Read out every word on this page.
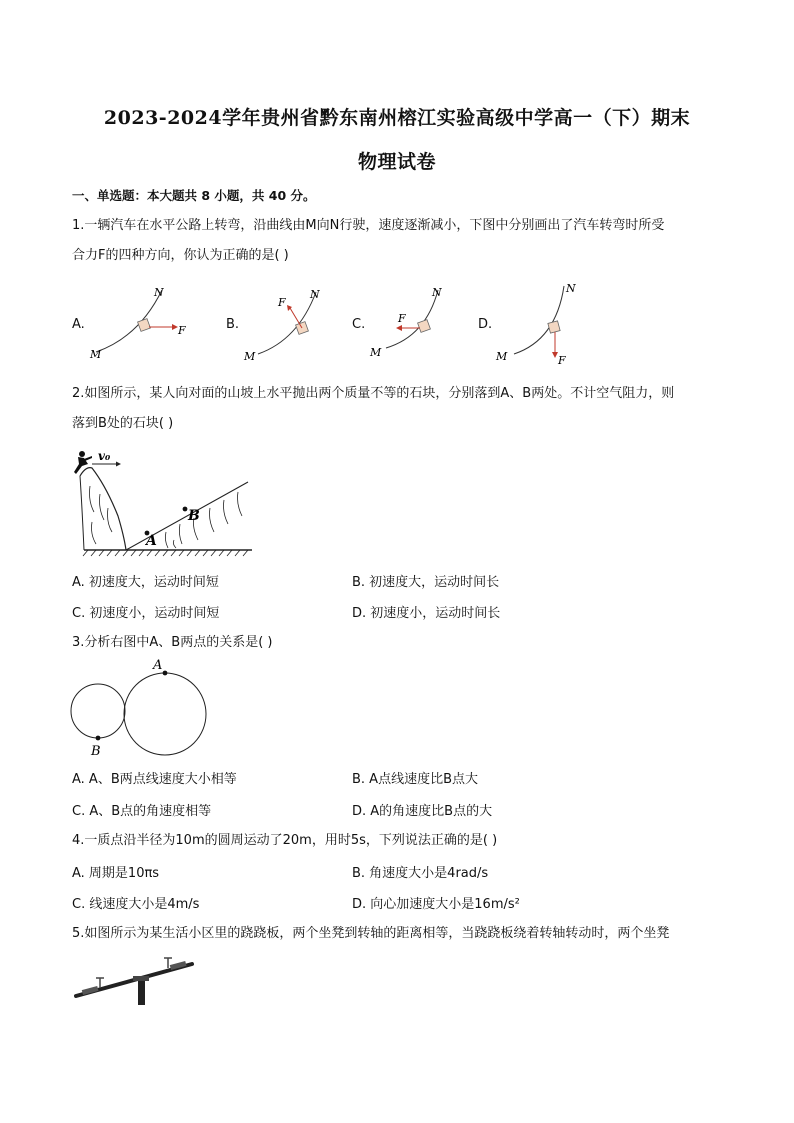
2023-2024学年贵州省黔东南州榕江实验高级中学高一（下）期末
物理试卷
一、单选题：本大题共 8 小题，共 40 分。
1.一辆汽车在水平公路上转弯，沿曲线由M向N行驶，速度逐渐减小，下图中分别画出了汽车转弯时所受
合力F的四种方向，你认为正确的是( )
A.	B.	C.	D.
M
N
F
M
N
F
M
N
F
M
N
F
2.如图所示，某人向对面的山坡上水平抛出两个质量不等的石块，分别落到A、B两处。不计空气阻力，则
落到B处的石块( )
v₀
A
B
A. 初速度大，运动时间短	B. 初速度大，运动时间长
C. 初速度小，运动时间短	D. 初速度小，运动时间长
3.分析右图中A、B两点的关系是( )
A
B
A. A、B两点线速度大小相等	B. A点线速度比B点大
C. A、B点的角速度相等	D. A的角速度比B点的大
4.一质点沿半径为10m的圆周运动了20m，用时5s，下列说法正确的是( )
A. 周期是10πs	B. 角速度大小是4rad/s
C. 线速度大小是4m/s	D. 向心加速度大小是16m/s²
5.如图所示为某生活小区里的跷跷板，两个坐凳到转轴的距离相等，当跷跷板绕着转轴转动时，两个坐凳
